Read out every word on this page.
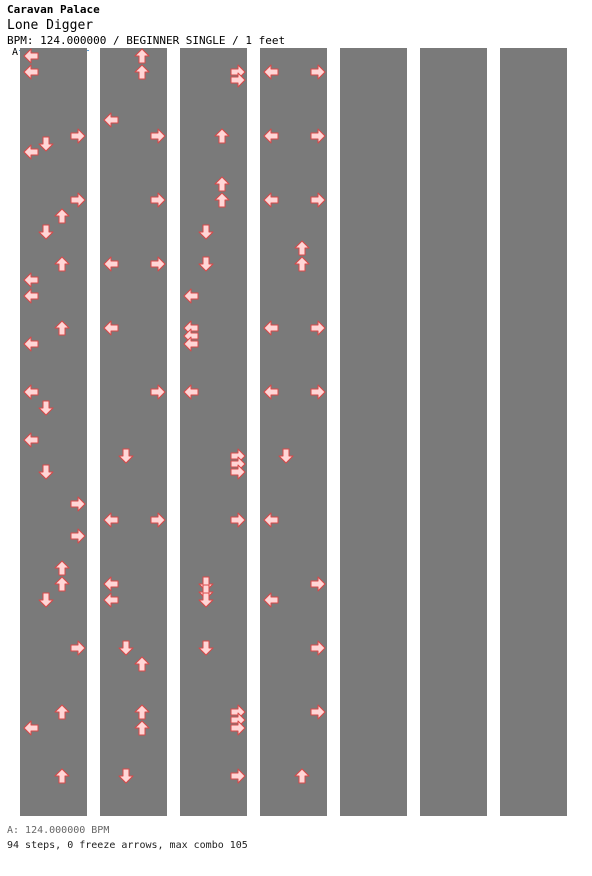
Caravan Palace
Lone Digger
BPM: 124.000000 / BEGINNER SINGLE / 1 feet
A
A: 124.000000 BPM
94 steps, 0 freeze arrows, max combo 105
